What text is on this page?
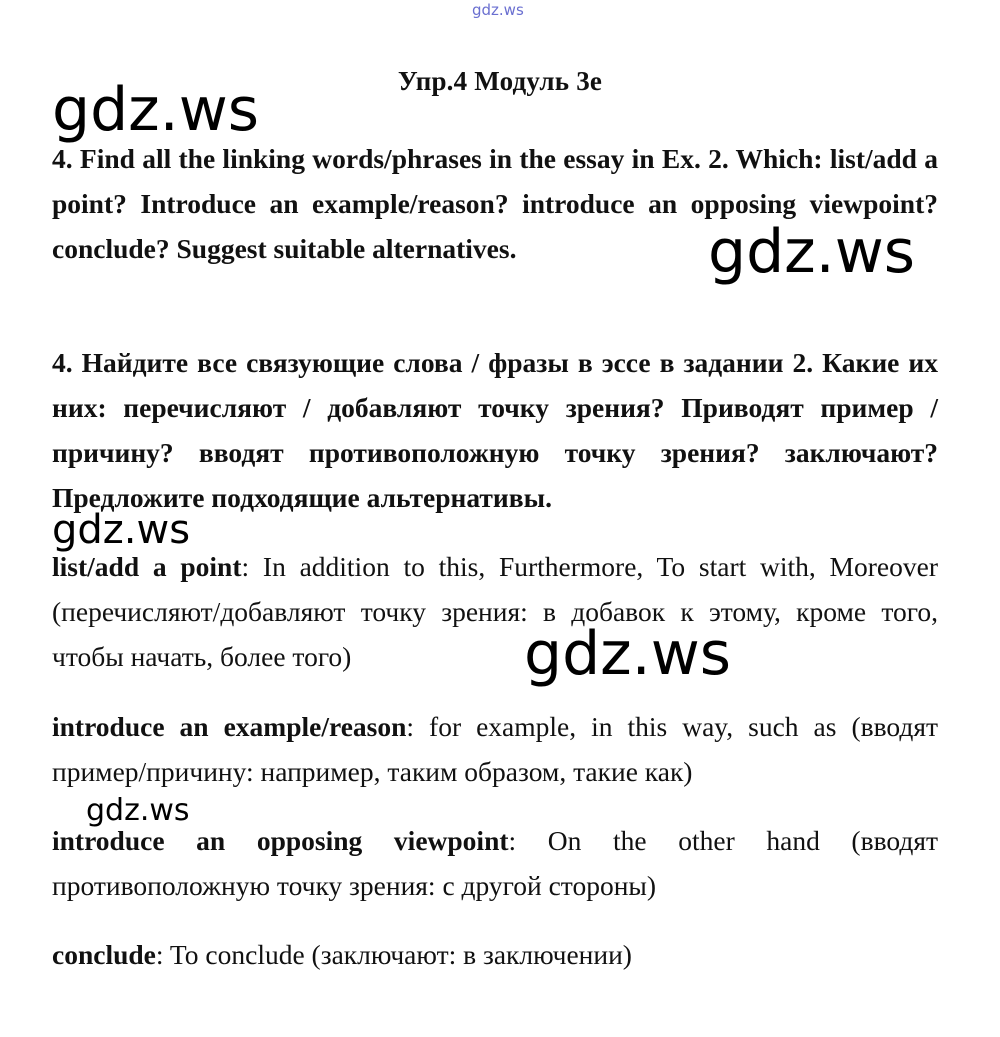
gdz.ws
Упр.4 Модуль 3e
gdz.ws
4. Find all the linking words/phrases in the essay in Ex. 2. Which: list/add a point? Introduce an example/reason? introduce an opposing viewpoint? conclude? Suggest suitable alternatives.	gdz.ws
4. Найдите все связующие слова / фразы в эссе в задании 2. Какие их них: перечисляют / добавляют точку зрения? Приводят пример / причину? вводят противоположную точку зрения? заключают? Предложите подходящие альтернативы.
gdz.ws
list/add a point: In addition to this, Furthermore, To start with, Moreover (перечисляют/добавляют точку зрения: в добавок к этому, кроме того, чтобы начать, более того)	gdz.ws
introduce an example/reason: for example, in this way, such as (вводят пример/причину: например, таким образом, такие как)
gdz.ws
introduce an opposing viewpoint: On the other hand (вводят противоположную точку зрения: с другой стороны)
conclude: To conclude (заключают: в заключении)
